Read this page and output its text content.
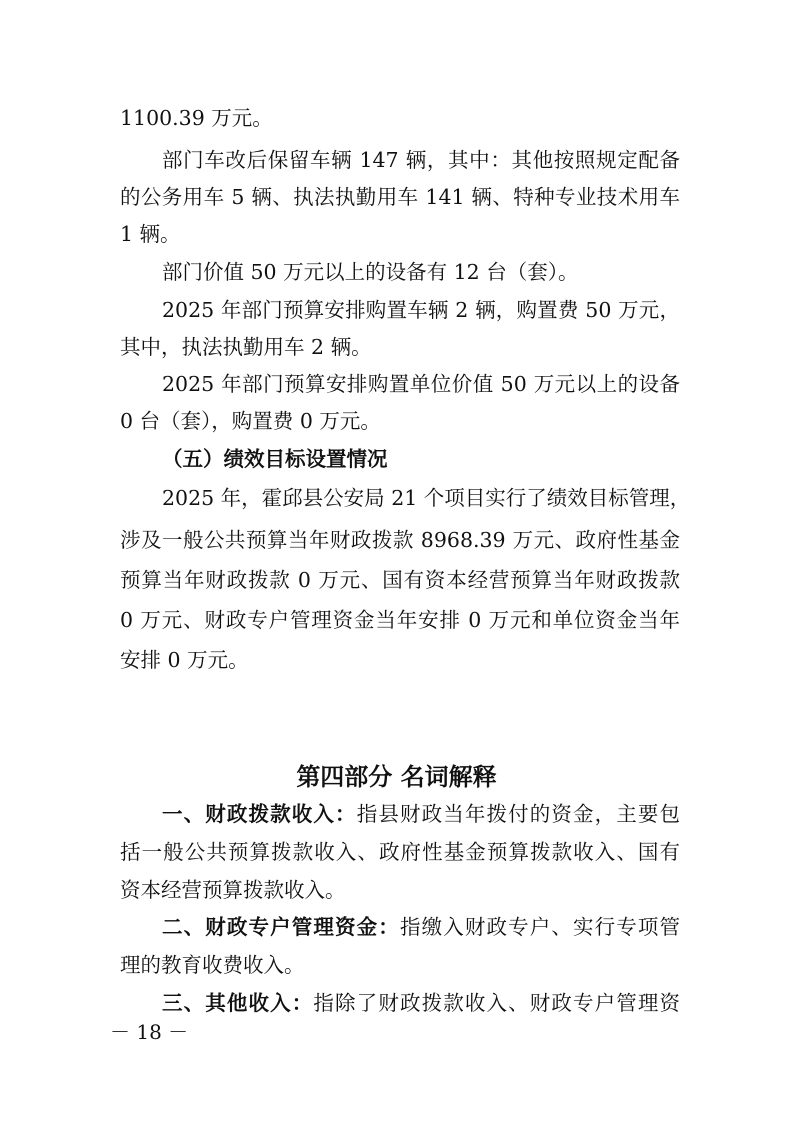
1100.39 万元。
部门车改后保留车辆 147 辆，其中：其他按照规定配备
的公务用车 5 辆、执法执勤用车 141 辆、特种专业技术用车
1 辆。
部门价值 50 万元以上的设备有 12 台（套）。
2025 年部门预算安排购置车辆 2 辆，购置费 50 万元，
其中，执法执勤用车 2 辆。
2025 年部门预算安排购置单位价值 50 万元以上的设备
0 台（套），购置费 0 万元。
（五）绩效目标设置情况
2025 年，霍邱县公安局 21 个项目实行了绩效目标管理，
涉及一般公共预算当年财政拨款 8968.39 万元、政府性基金
预算当年财政拨款 0 万元、国有资本经营预算当年财政拨款
0 万元、财政专户管理资金当年安排 0 万元和单位资金当年
安排 0 万元。
第四部分 名词解释
一、财政拨款收入：指县财政当年拨付的资金，主要包
括一般公共预算拨款收入、政府性基金预算拨款收入、国有
资本经营预算拨款收入。
二、财政专户管理资金：指缴入财政专户、实行专项管
理的教育收费收入。
三、其他收入：指除了财政拨款收入、财政专户管理资
－ 18 －
